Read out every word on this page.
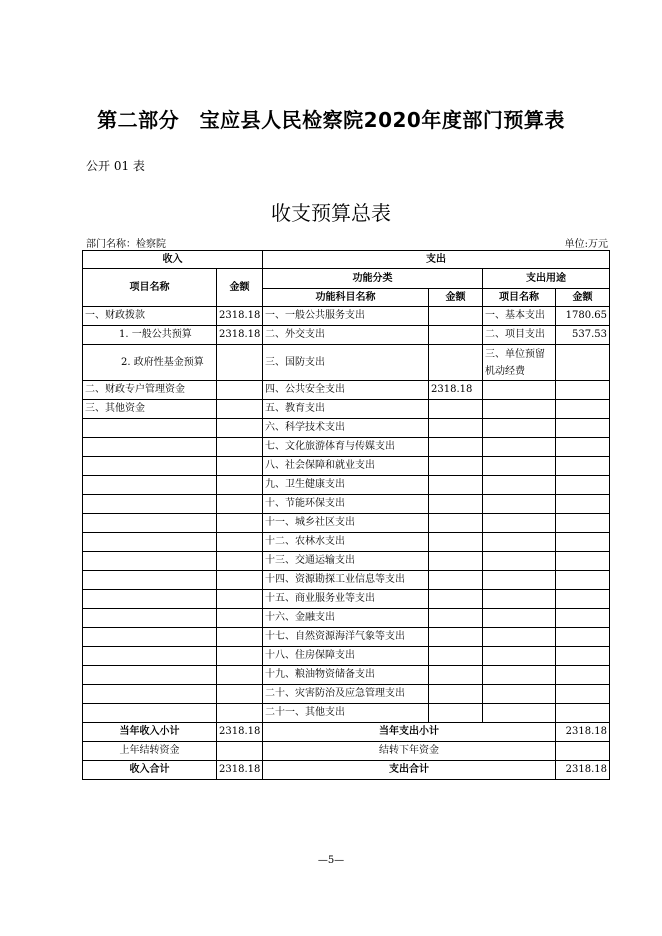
第二部分　宝应县人民检察院2020年度部门预算表
公开 01 表
收支预算总表
部门名称：检察院	单位:万元
收入		支出			
项目名称	金额	功能分类		支出用途	
		功能科目名称	金额	项目名称	金额
一、财政拨款	2318.18	一、一般公共服务支出		一、基本支出	1780.65
1. 一般公共预算	2318.18	二、外交支出		二、项目支出	537.53
2. 政府性基金预算		三、国防支出		三、单位预留机动经费	
二、财政专户管理资金		四、公共安全支出	2318.18		
三、其他资金		五、教育支出			
		六、科学技术支出			
		七、文化旅游体育与传媒支出			
		八、社会保障和就业支出			
		九、卫生健康支出			
		十、节能环保支出			
		十一、城乡社区支出			
		十二、农林水支出			
		十三、交通运输支出			
		十四、资源勘探工业信息等支出			
		十五、商业服务业等支出			
		十六、金融支出			
		十七、自然资源海洋气象等支出			
		十八、住房保障支出			
		十九、粮油物资储备支出			
		二十、灾害防治及应急管理支出			
		二十一、其他支出			
当年收入小计	2318.18	当年支出小计			2318.18
上年结转资金		结转下年资金			
收入合计	2318.18	支出合计			2318.18
—5—
